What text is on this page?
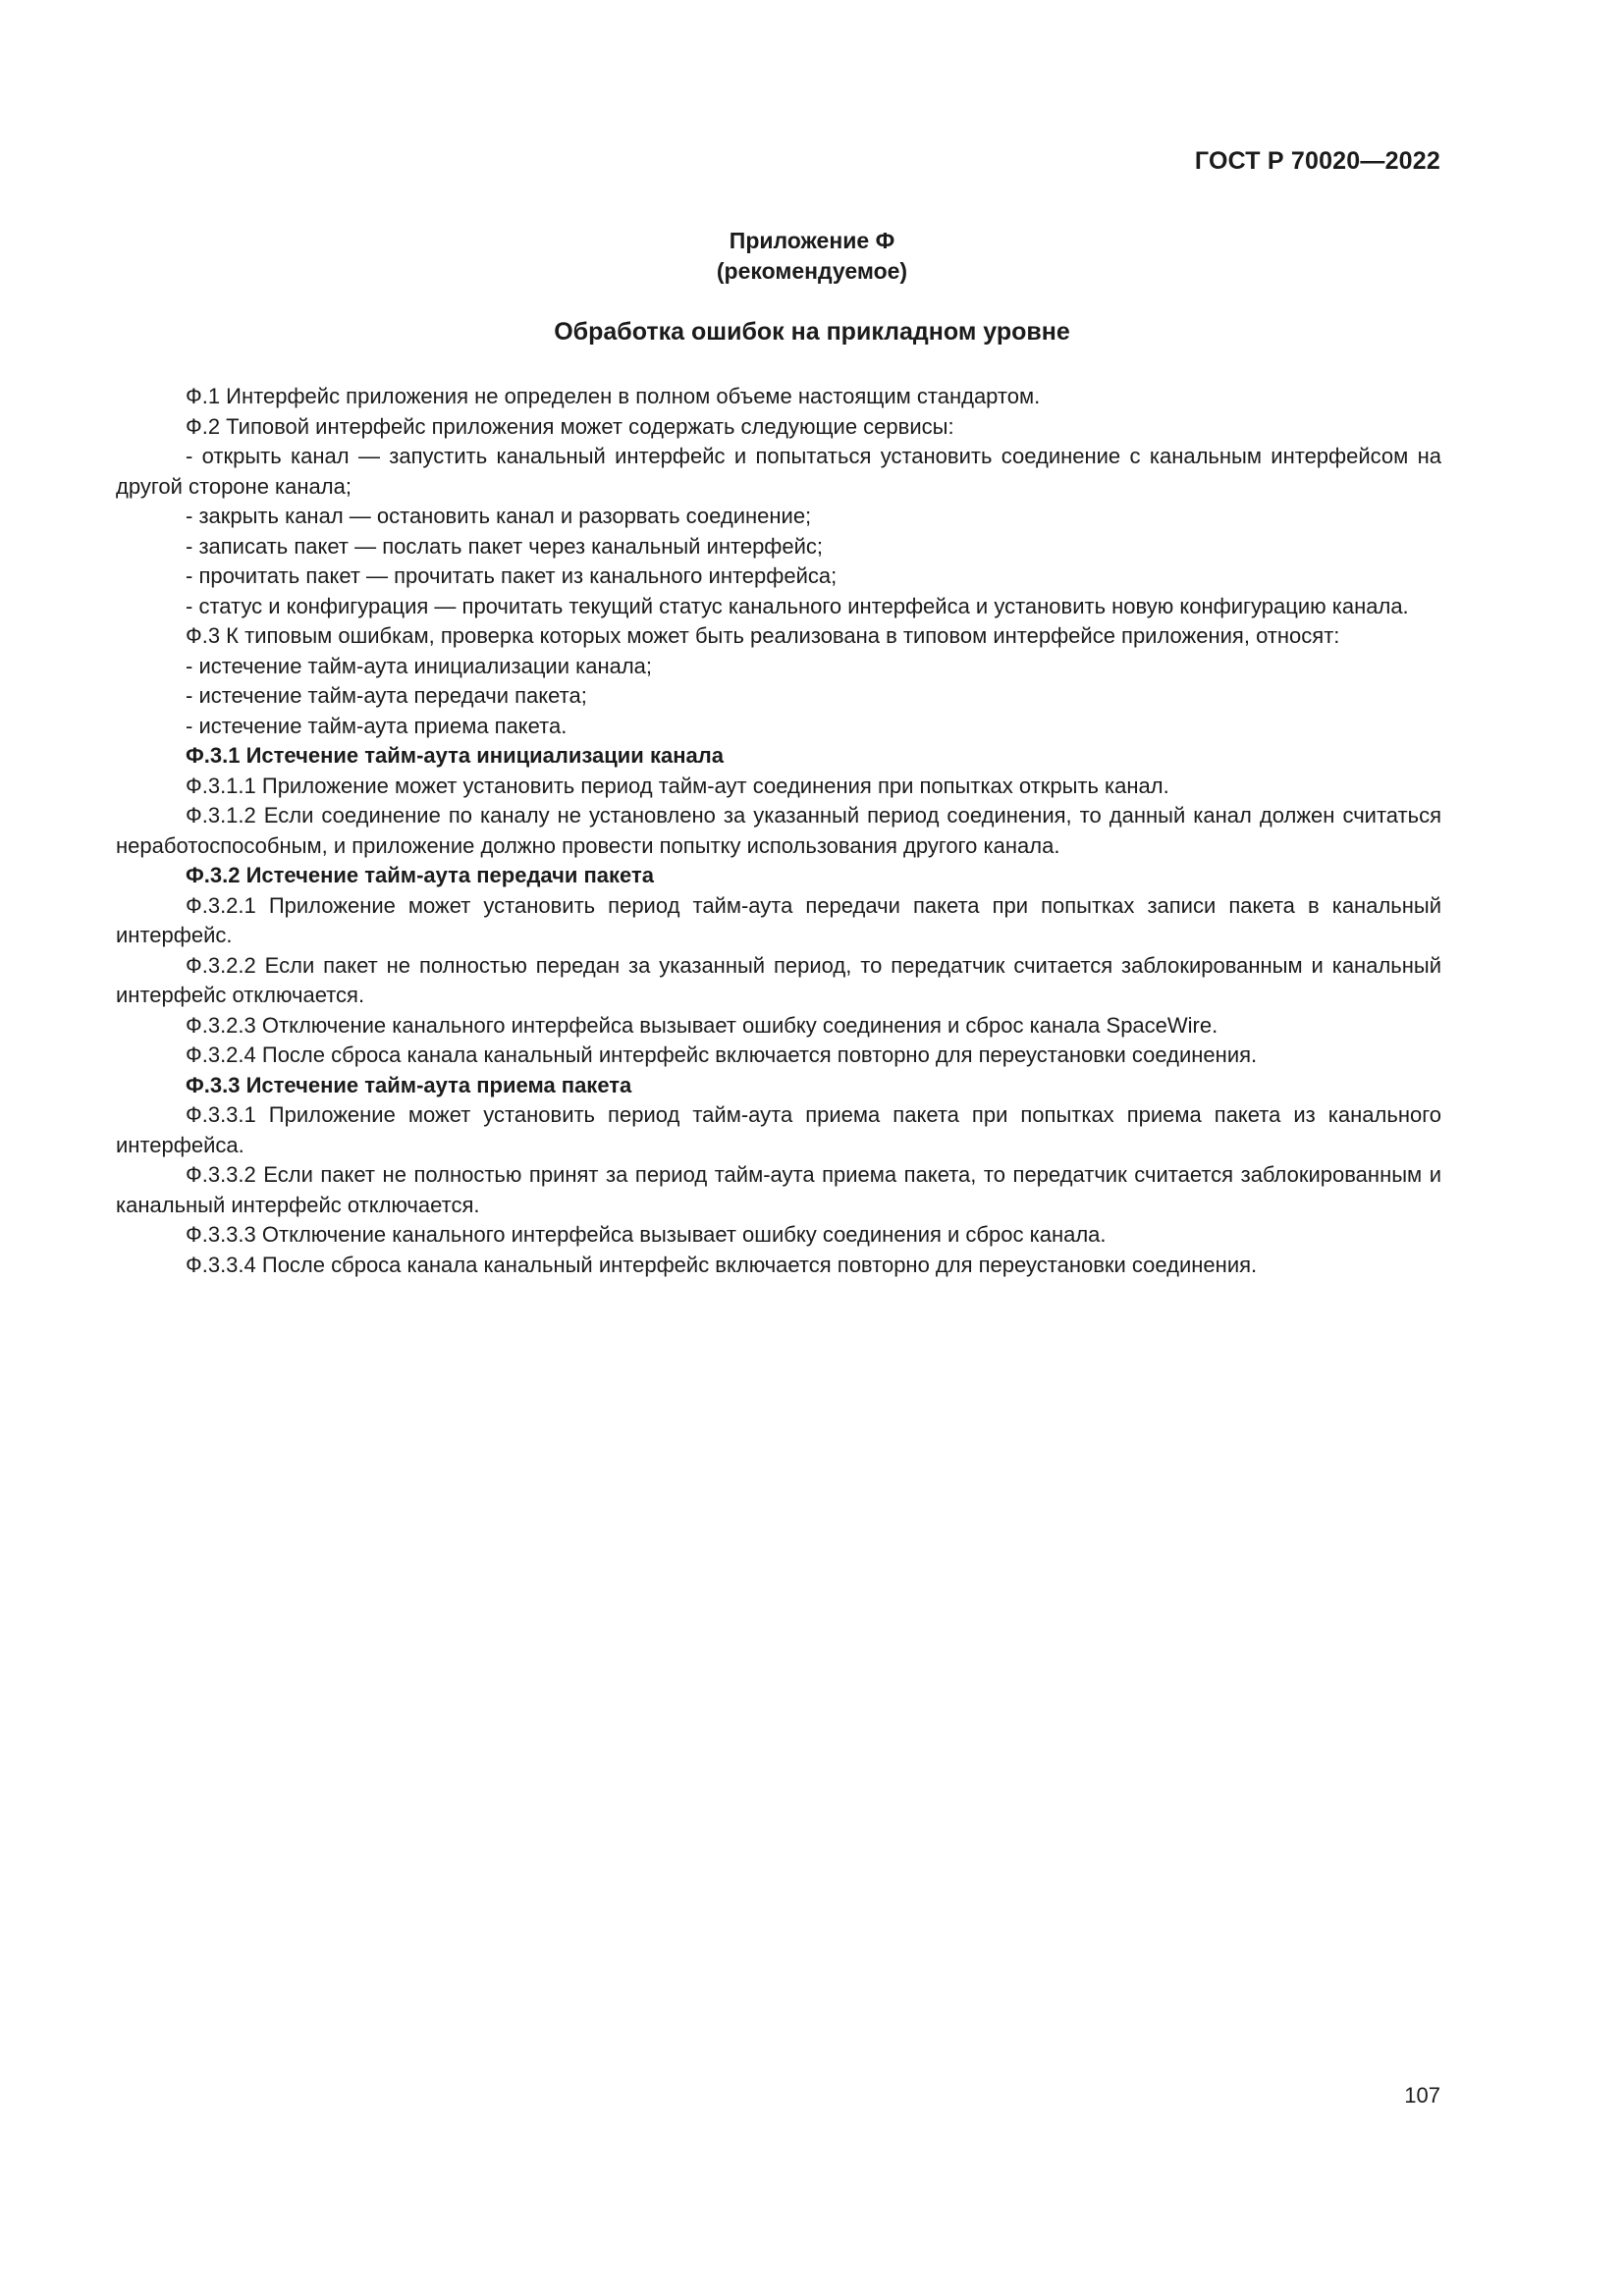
ГОСТ Р 70020—2022
Приложение Ф
(рекомендуемое)
Обработка ошибок на прикладном уровне

Ф.1 Интерфейс приложения не определен в полном объеме настоящим стандартом.

Ф.2 Типовой интерфейс приложения может содержать следующие сервисы:

- открыть канал — запустить канальный интерфейс и попытаться установить соединение с канальным интерфейсом на другой стороне канала;

- закрыть канал — остановить канал и разорвать соединение;

- записать пакет — послать пакет через канальный интерфейс;

- прочитать пакет — прочитать пакет из канального интерфейса;

- статус и конфигурация — прочитать текущий статус канального интерфейса и установить новую конфигурацию канала.

Ф.3 К типовым ошибкам, проверка которых может быть реализована в типовом интерфейсе приложения, относят:

- истечение тайм-аута инициализации канала;

- истечение тайм-аута передачи пакета;

- истечение тайм-аута приема пакета.

Ф.3.1 Истечение тайм-аута инициализации канала

Ф.3.1.1 Приложение может установить период тайм-аут соединения при попытках открыть канал.

Ф.3.1.2 Если соединение по каналу не установлено за указанный период соединения, то данный канал должен считаться неработоспособным, и приложение должно провести попытку использования другого канала.

Ф.3.2 Истечение тайм-аута передачи пакета

Ф.3.2.1 Приложение может установить период тайм-аута передачи пакета при попытках записи пакета в канальный интерфейс.

Ф.3.2.2 Если пакет не полностью передан за указанный период, то передатчик считается заблокированным и канальный интерфейс отключается.

Ф.3.2.3 Отключение канального интерфейса вызывает ошибку соединения и сброс канала SpaceWire.

Ф.3.2.4 После сброса канала канальный интерфейс включается повторно для переустановки соединения.

Ф.3.3 Истечение тайм-аута приема пакета

Ф.3.3.1 Приложение может установить период тайм-аута приема пакета при попытках приема пакета из канального интерфейса.

Ф.3.3.2 Если пакет не полностью принят за период тайм-аута приема пакета, то передатчик считается заблокированным и канальный интерфейс отключается.

Ф.3.3.3 Отключение канального интерфейса вызывает ошибку соединения и сброс канала.

Ф.3.3.4 После сброса канала канальный интерфейс включается повторно для переустановки соединения.

107
